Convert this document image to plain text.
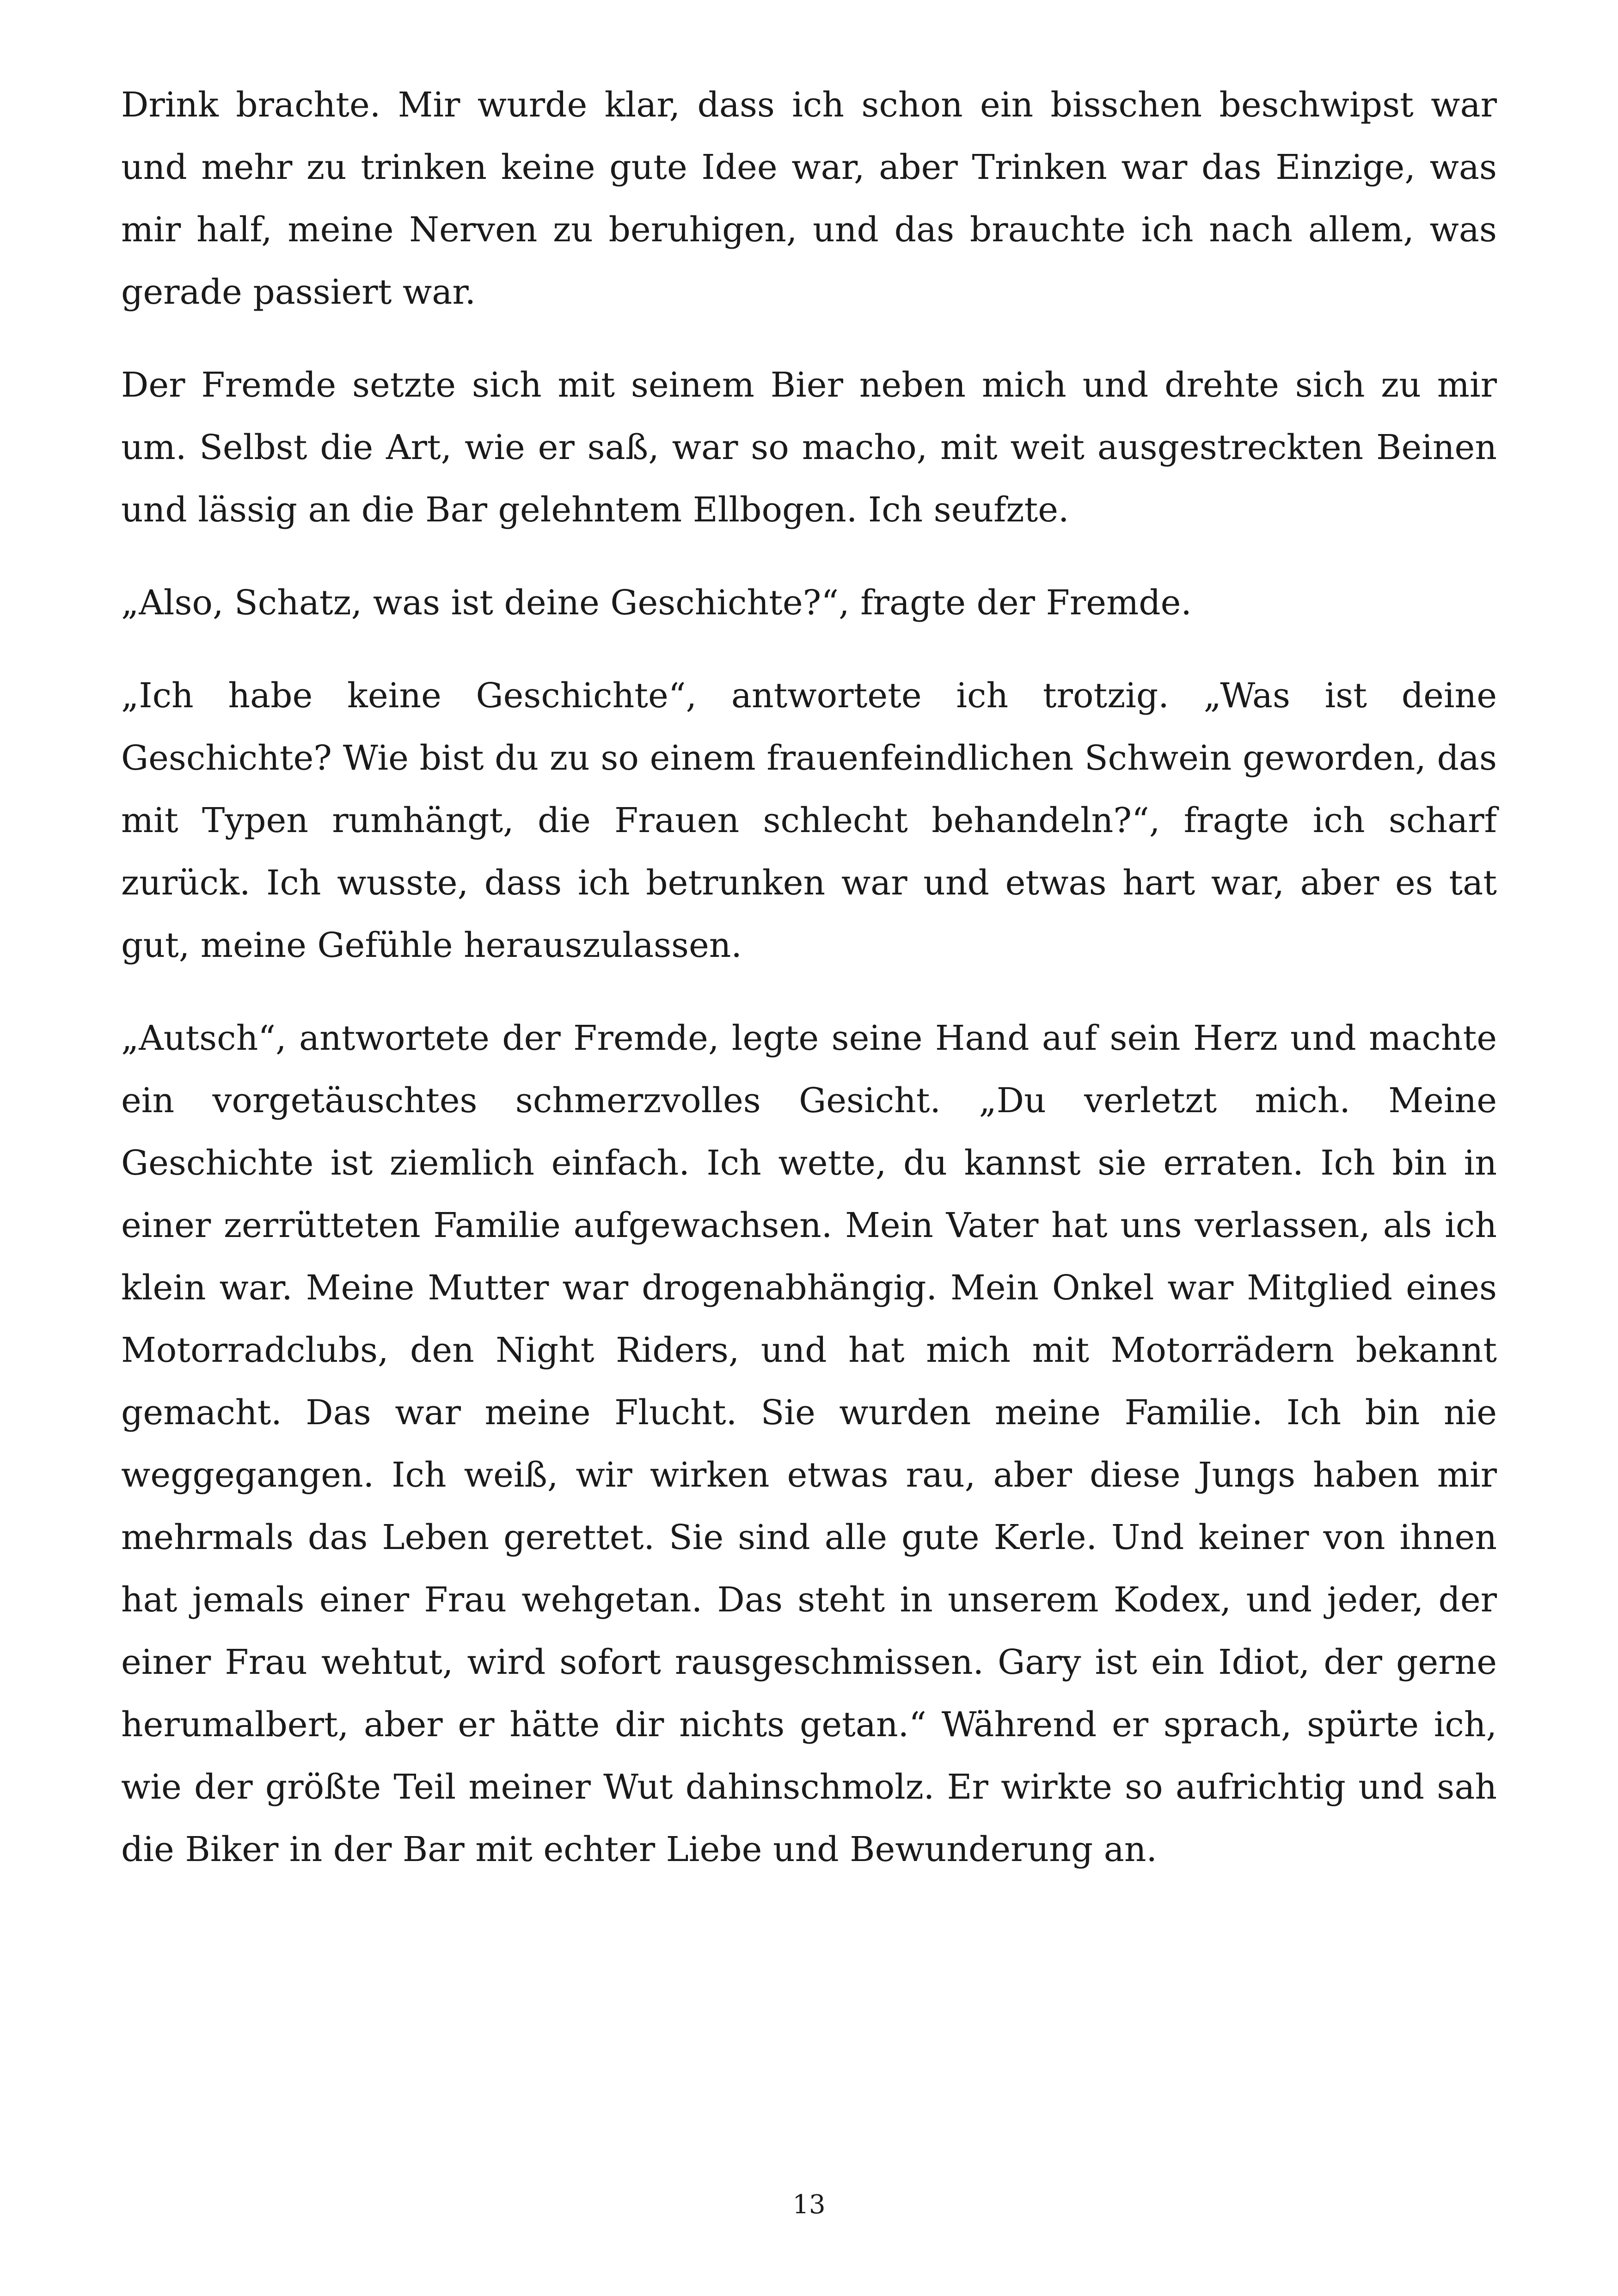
Drink brachte. Mir wurde klar, dass ich schon ein bisschen beschwipst war und mehr zu trinken keine gute Idee war, aber Trinken war das Einzige, was mir half, meine Nerven zu beruhigen, und das brauchte ich nach allem, was gerade passiert war.

Der Fremde setzte sich mit seinem Bier neben mich und drehte sich zu mir um. Selbst die Art, wie er saß, war so macho, mit weit ausgestreckten Beinen und lässig an die Bar gelehntem Ellbogen. Ich seufzte.

„Also, Schatz, was ist deine Geschichte?“, fragte der Fremde.

„Ich habe keine Geschichte“, antwortete ich trotzig. „Was ist deine Geschichte? Wie bist du zu so einem frauenfeindlichen Schwein geworden, das mit Typen rumhängt, die Frauen schlecht behandeln?“, fragte ich scharf zurück. Ich wusste, dass ich betrunken war und etwas hart war, aber es tat gut, meine Gefühle herauszulassen.

„Autsch“, antwortete der Fremde, legte seine Hand auf sein Herz und machte ein vorgetäuschtes schmerzvolles Gesicht. „Du verletzt mich. Meine Geschichte ist ziemlich einfach. Ich wette, du kannst sie erraten. Ich bin in einer zerrütteten Familie aufgewachsen. Mein Vater hat uns verlassen, als ich klein war. Meine Mutter war drogenabhängig. Mein Onkel war Mitglied eines Motorradclubs, den Night Riders, und hat mich mit Motorrädern bekannt gemacht. Das war meine Flucht. Sie wurden meine Familie. Ich bin nie weggegangen. Ich weiß, wir wirken etwas rau, aber diese Jungs haben mir mehrmals das Leben gerettet. Sie sind alle gute Kerle. Und keiner von ihnen hat jemals einer Frau wehgetan. Das steht in unserem Kodex, und jeder, der einer Frau wehtut, wird sofort rausgeschmissen. Gary ist ein Idiot, der gerne herumalbert, aber er hätte dir nichts getan.“ Während er sprach, spürte ich, wie der größte Teil meiner Wut dahinschmolz. Er wirkte so aufrichtig und sah die Biker in der Bar mit echter Liebe und Bewunderung an.

13
